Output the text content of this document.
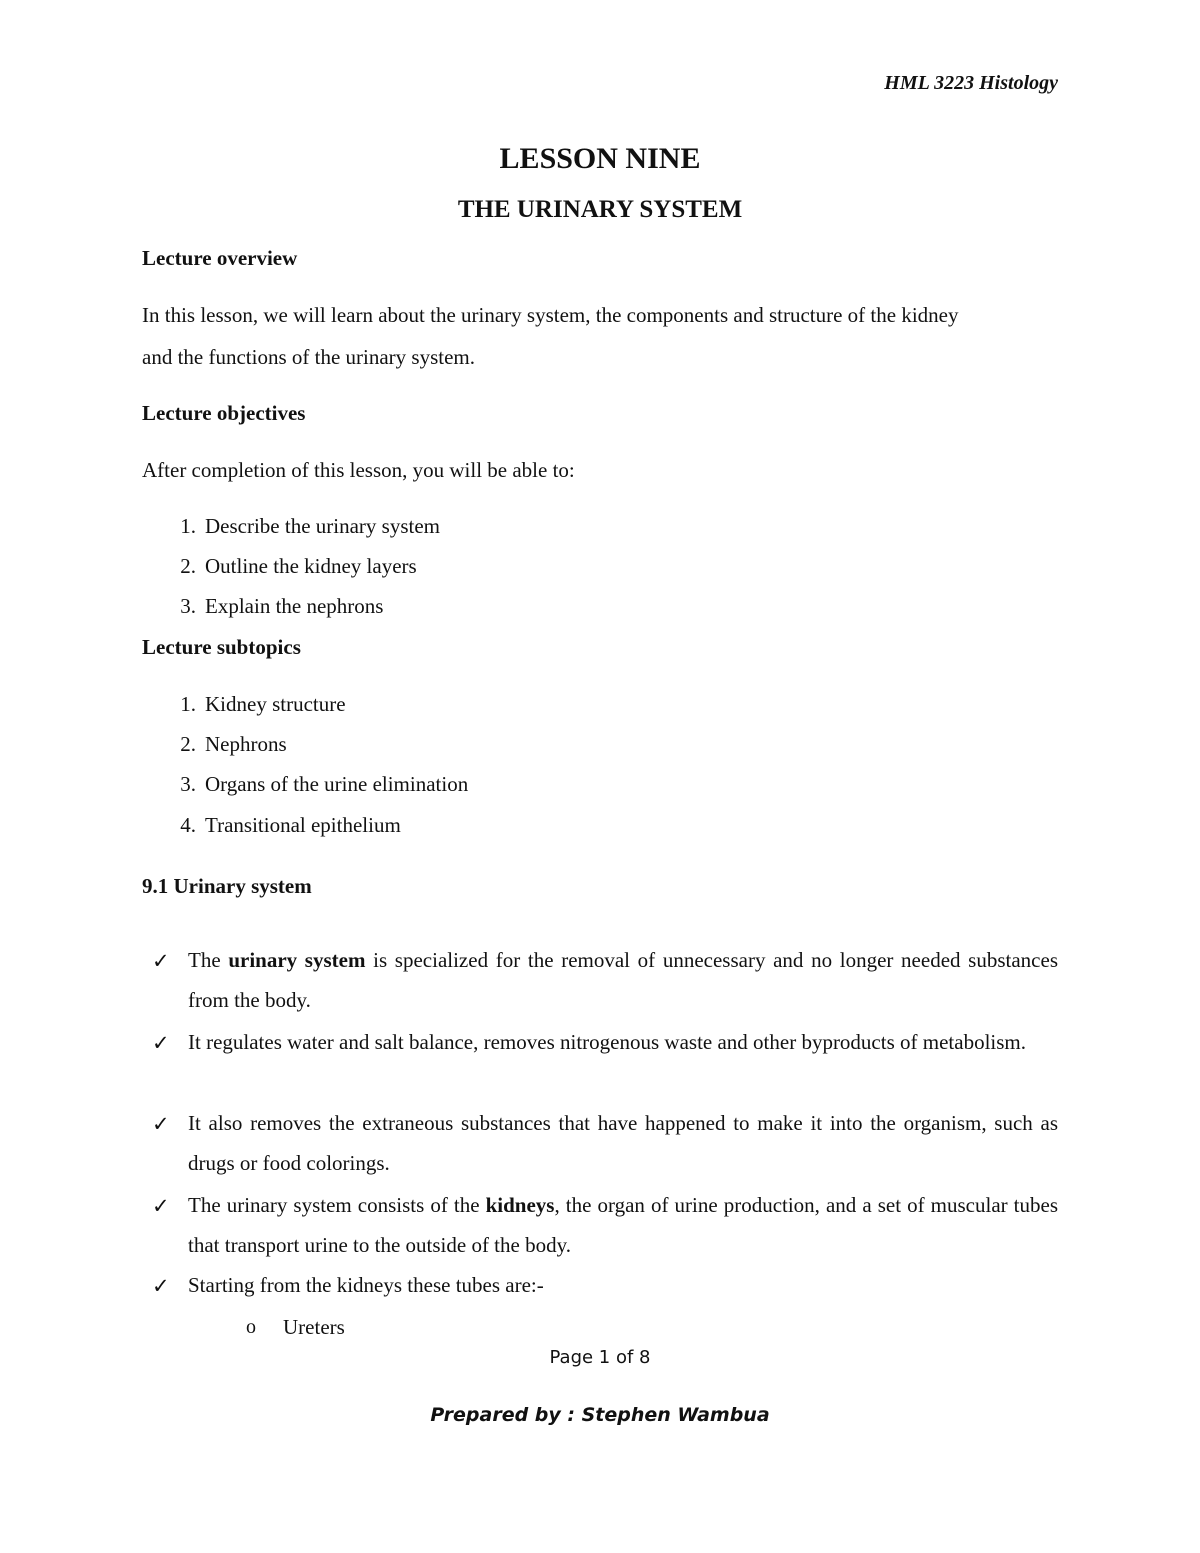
HML 3223 Histology
LESSON NINE
THE URINARY SYSTEM
Lecture overview
In this lesson, we will learn about the urinary system, the components and structure of the kidney
and the functions of the urinary system.
Lecture objectives
After completion of this lesson, you will be able to:
1. Describe the urinary system
2. Outline the kidney layers
3. Explain the nephrons
Lecture subtopics
1. Kidney structure
2. Nephrons
3. Organs of the urine elimination
4. Transitional epithelium
9.1 Urinary system
✓ The urinary system is specialized for the removal of unnecessary and no longer needed substances from the body.
✓ It regulates water and salt balance, removes nitrogenous waste and other byproducts of metabolism.
✓ It also removes the extraneous substances that have happened to make it into the organism, such as drugs or food colorings.
✓ The urinary system consists of the kidneys, the organ of urine production, and a set of muscular tubes that transport urine to the outside of the body.
✓ Starting from the kidneys these tubes are:-
o Ureters
Page 1 of 8
Prepared by : Stephen Wambua
